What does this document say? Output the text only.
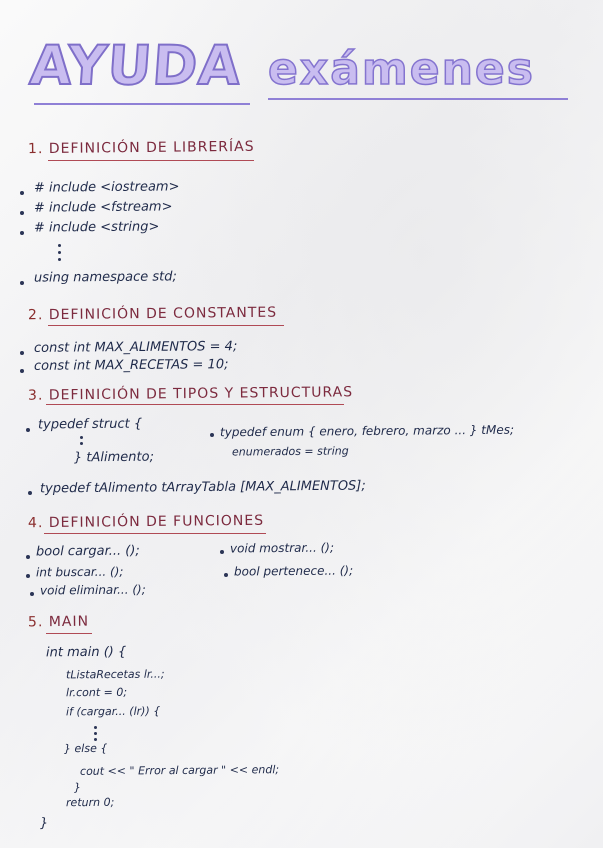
AYUDA exámenes
1. DEFINICIÓN DE LIBRERÍAS
# include <iostream>
# include <fstream>
# include <string>
using namespace std;
2. DEFINICIÓN DE CONSTANTES
const int MAX_ALIMENTOS = 4;
const int MAX_RECETAS = 10;
3. DEFINICIÓN DE TIPOS Y ESTRUCTURAS
typedef struct {
} tAlimento;
typedef enum { enero, febrero, marzo ... } tMes;
enumerados = string
typedef tAlimento tArrayTabla [MAX_ALIMENTOS];
4. DEFINICIÓN DE FUNCIONES
bool cargar... ();
int buscar... ();
void eliminar... ();
void mostrar... ();
bool pertenece... ();
5. MAIN
int main () {
tListaRecetas lr...;
lr.cont = 0;
if (cargar... (lr)) {
} else {
cout << " Error al cargar " << endl;
}
return 0;
}
